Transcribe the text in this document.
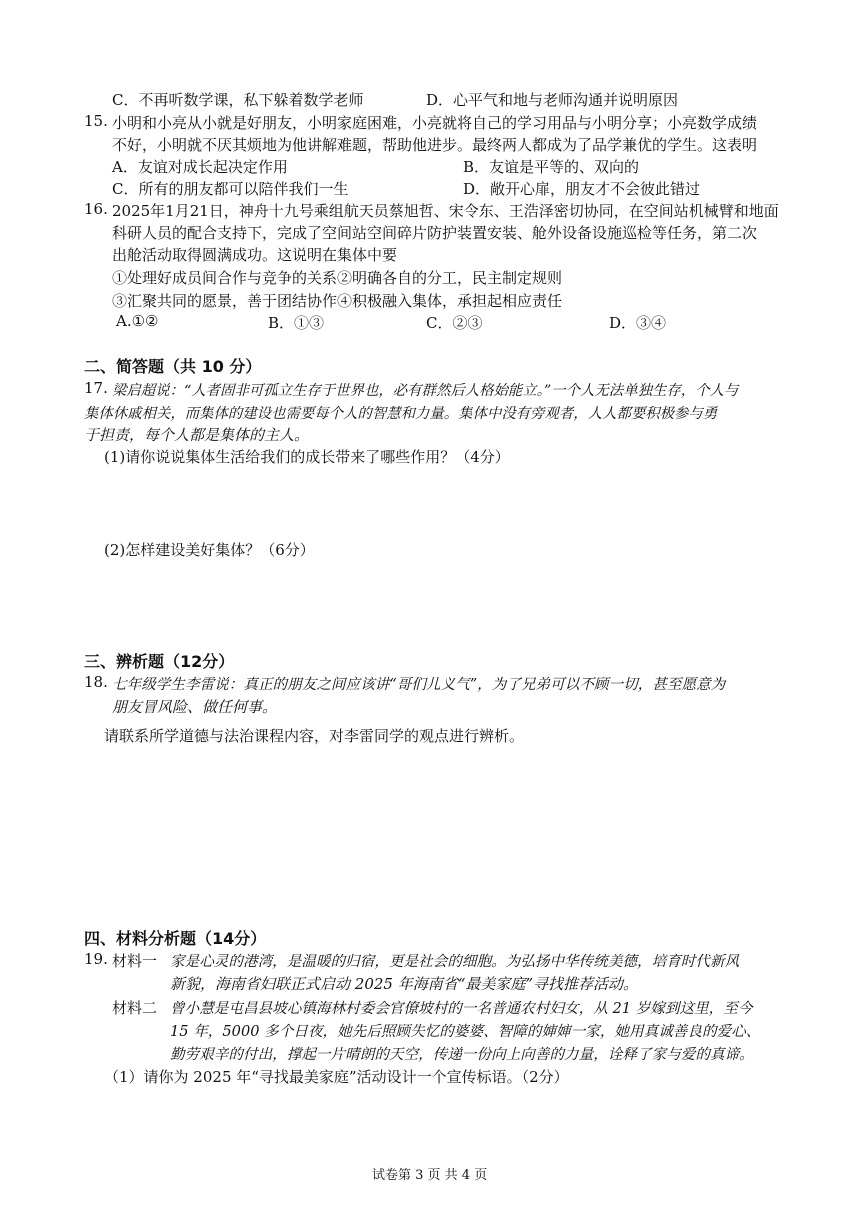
C．不再听数学课，私下躲着数学老师	D．心平气和地与老师沟通并说明原因
15. 小明和小亮从小就是好朋友，小明家庭困难，小亮就将自己的学习用品与小明分享；小亮数学成绩
不好，小明就不厌其烦地为他讲解难题，帮助他进步。最终两人都成为了品学兼优的学生。这表明
A．友谊对成长起决定作用	B．友谊是平等的、双向的
C．所有的朋友都可以陪伴我们一生	D．敞开心扉，朋友才不会彼此错过
16. 2025年1月21日，神舟十九号乘组航天员蔡旭哲、宋令东、王浩泽密切协同，在空间站机械臂和地面
科研人员的配合支持下，完成了空间站空间碎片防护装置安装、舱外设备设施巡检等任务，第二次
出舱活动取得圆满成功。这说明在集体中要
①处理好成员间合作与竞争的关系②明确各自的分工，民主制定规则
③汇聚共同的愿景，善于团结协作④积极融入集体，承担起相应责任
A.①②	B．①③	C．②③	D．③④
二、简答题（共 10 分）
17. 梁启超说：“人者固非可孤立生存于世界也，必有群然后人格始能立。”一个人无法单独生存，个人与
集体休戚相关，而集体的建设也需要每个人的智慧和力量。集体中没有旁观者，人人都要积极参与勇
于担责，每个人都是集体的主人。
(1)请你说说集体生活给我们的成长带来了哪些作用？（4分）
(2)怎样建设美好集体？（6分）
三、辨析题（12分）
18. 七年级学生李雷说：真正的朋友之间应该讲“哥们儿义气”，为了兄弟可以不顾一切，甚至愿意为
朋友冒风险、做任何事。
请联系所学道德与法治课程内容，对李雷同学的观点进行辨析。
四、材料分析题（14分）
19. 材料一 家是心灵的港湾，是温暖的归宿，更是社会的细胞。为弘扬中华传统美德，培育时代新风
新貌，海南省妇联正式启动 2025 年海南省“最美家庭”寻找推荐活动。
材料二 曾小慧是屯昌县坡心镇海林村委会官僚坡村的一名普通农村妇女，从 21 岁嫁到这里，至今
15 年，5000 多个日夜，她先后照顾失忆的婆婆、智障的婶婶一家，她用真诚善良的爱心、
勤劳艰辛的付出，撑起一片晴朗的天空，传递一份向上向善的力量，诠释了家与爱的真谛。
（1）请你为 2025 年“寻找最美家庭”活动设计一个宣传标语。（2分）
试卷第 3 页 共 4 页
